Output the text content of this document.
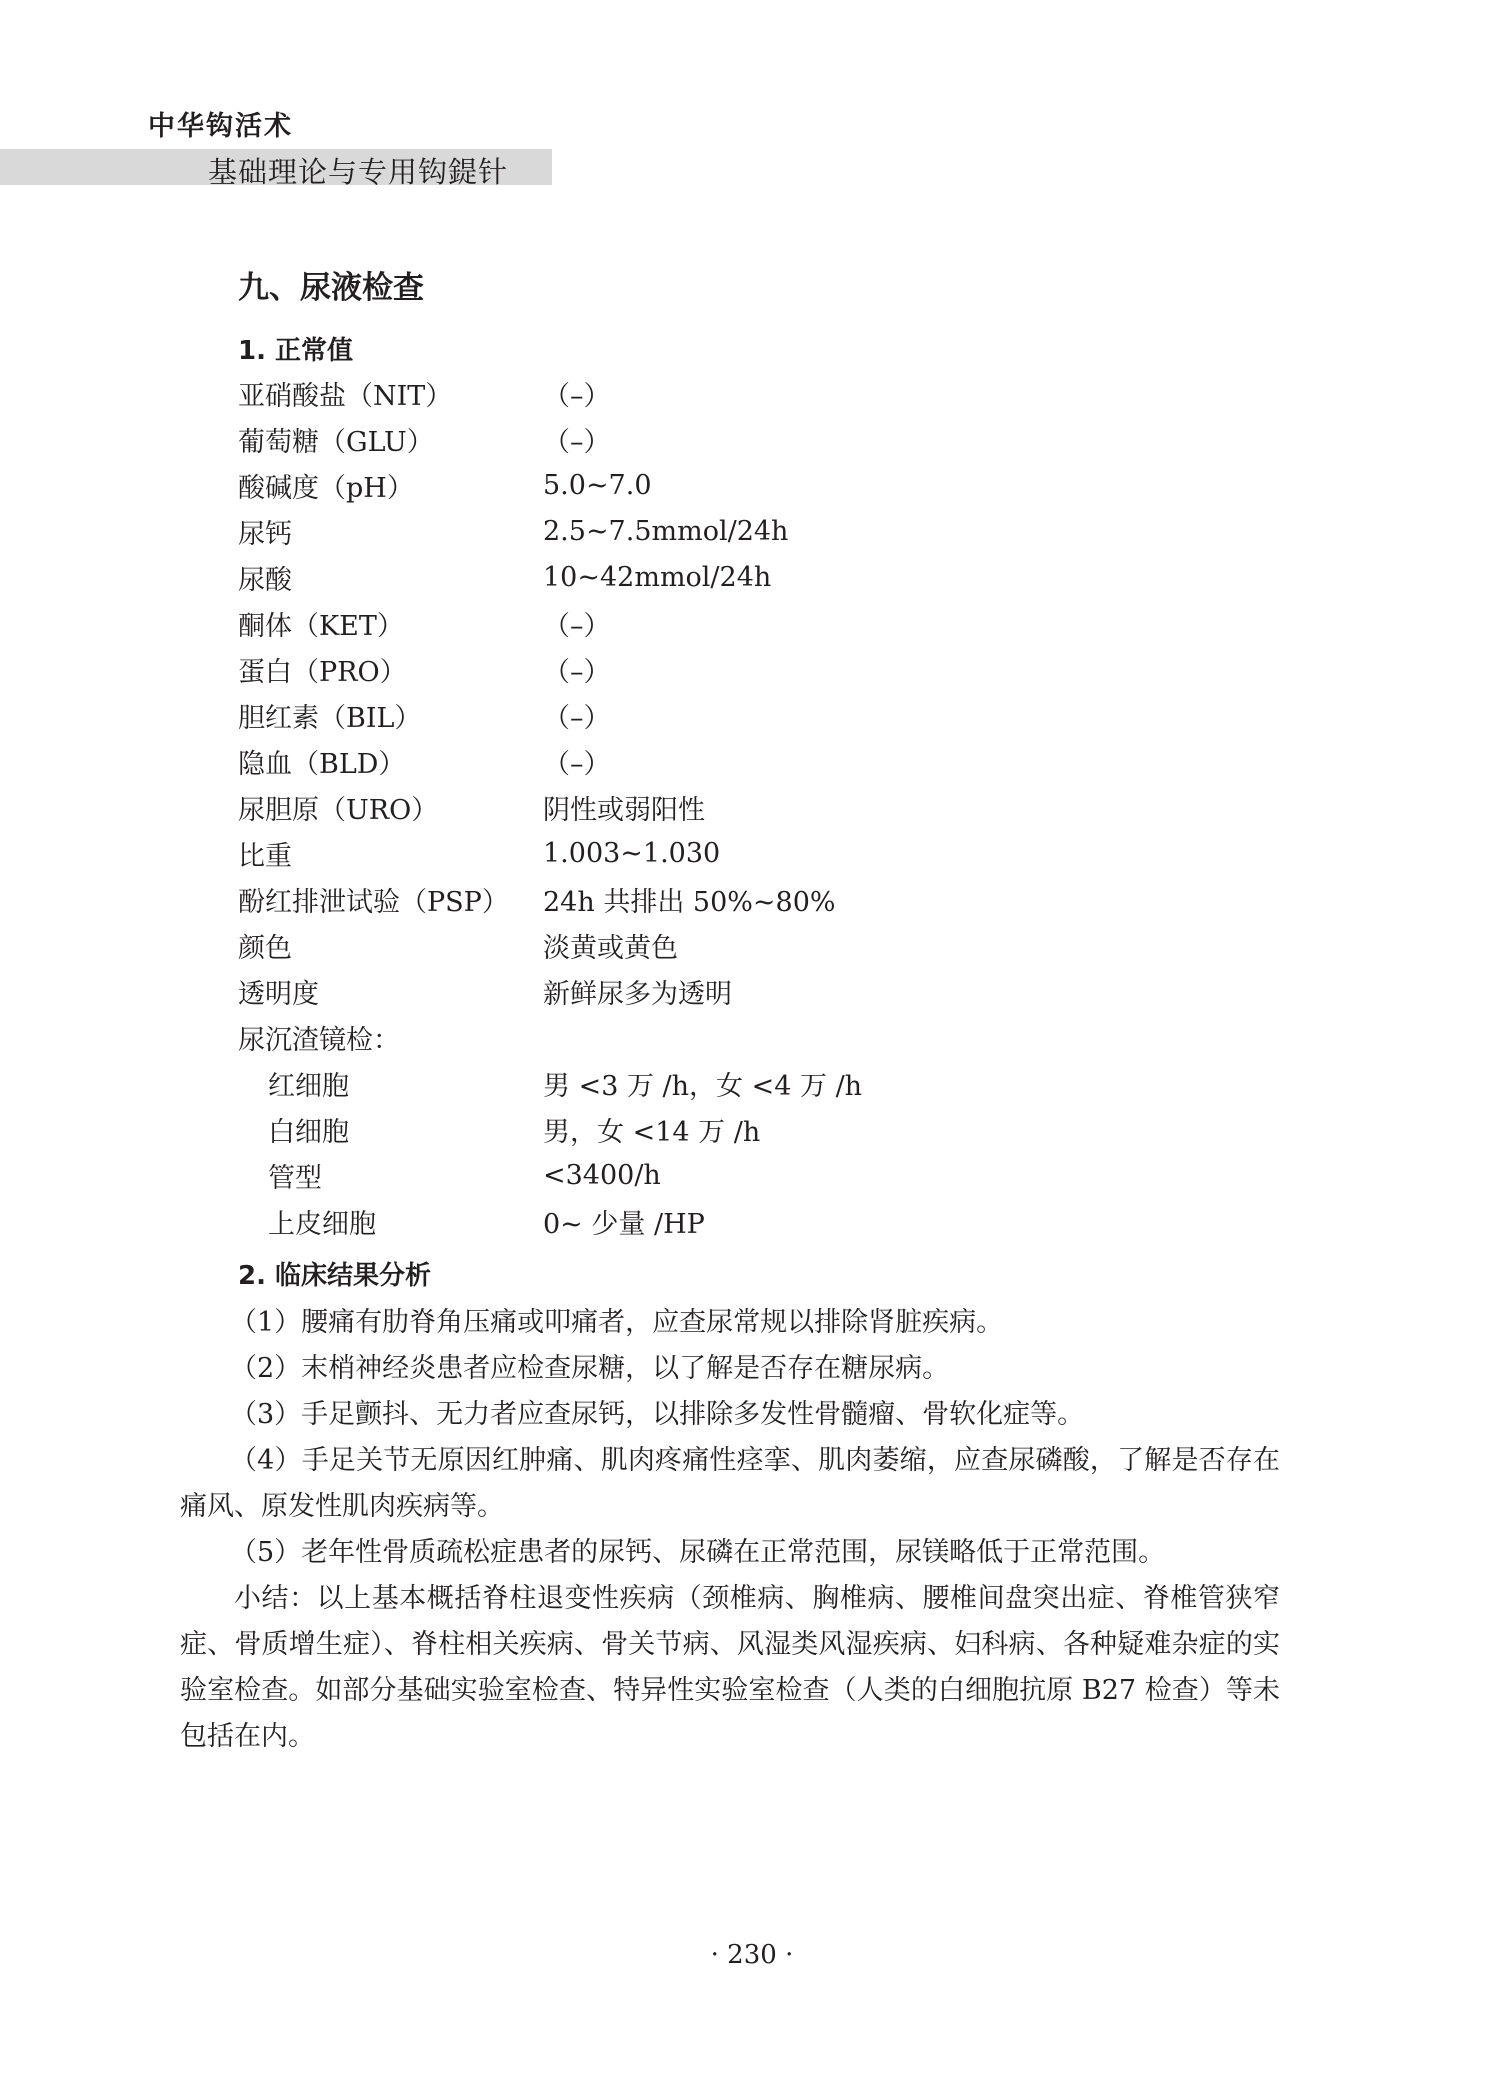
中华钩活术
基础理论与专用钩鍉针
九、尿液检查
1. 正常值
亚硝酸盐（NIT）	（–）
葡萄糖（GLU）	（–）
酸碱度（pH）	5.0~7.0
尿钙	2.5~7.5mmol/24h
尿酸	10~42mmol/24h
酮体（KET）	（–）
蛋白（PRO）	（–）
胆红素（BIL）	（–）
隐血（BLD）	（–）
尿胆原（URO）	阴性或弱阳性
比重	1.003~1.030
酚红排泄试验（PSP）	24h 共排出 50%~80%
颜色	淡黄或黄色
透明度	新鲜尿多为透明
尿沉渣镜检：
红细胞	男 <3 万 /h，女 <4 万 /h
白细胞	男，女 <14 万 /h
管型	<3400/h
上皮细胞	0~ 少量 /HP
2. 临床结果分析

（1）腰痛有肋脊角压痛或叩痛者，应查尿常规以排除肾脏疾病。

（2）末梢神经炎患者应检查尿糖，以了解是否存在糖尿病。

（3）手足颤抖、无力者应查尿钙，以排除多发性骨髓瘤、骨软化症等。

（4）手足关节无原因红肿痛、肌肉疼痛性痉挛、肌肉萎缩，应查尿磷酸，了解是否存在痛风、原发性肌肉疾病等。

（5）老年性骨质疏松症患者的尿钙、尿磷在正常范围，尿镁略低于正常范围。

小结：以上基本概括脊柱退变性疾病（颈椎病、胸椎病、腰椎间盘突出症、脊椎管狭窄症、骨质增生症）、脊柱相关疾病、骨关节病、风湿类风湿疾病、妇科病、各种疑难杂症的实验室检查。如部分基础实验室检查、特异性实验室检查（人类的白细胞抗原 B27 检查）等未包括在内。

· 230 ·
